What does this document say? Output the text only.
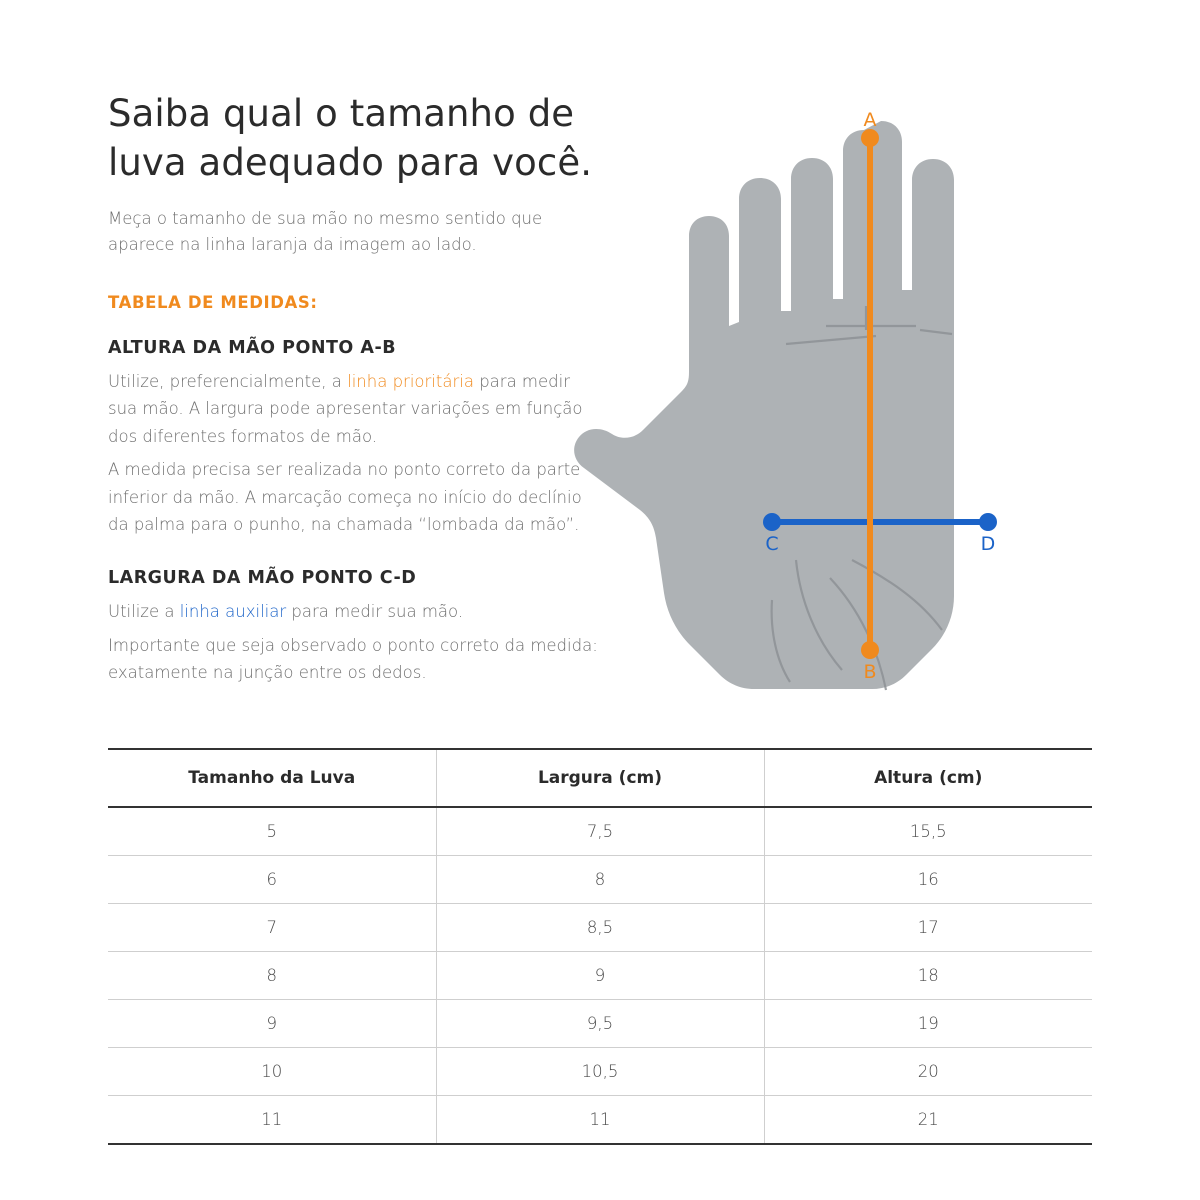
Saiba qual o tamanho de luva adequado para você.

Meça o tamanho de sua mão no mesmo sentido que aparece na linha laranja da imagem ao lado.

TABELA DE MEDIDAS:
ALTURA DA MÃO PONTO A-B

Utilize, preferencialmente, a linha prioritária para medir sua mão. A largura pode apresentar variações em função dos diferentes formatos de mão.

A medida precisa ser realizada no ponto correto da parte inferior da mão. A marcação começa no início do declínio da palma para o punho, na chamada “lombada da mão”.

LARGURA DA MÃO PONTO C-D

Utilize a linha auxiliar para medir sua mão.

Importante que seja observado o ponto correto da medida: exatamente na junção entre os dedos.

C	D
A
B
Tamanho da Luva	Largura (cm)	Altura (cm)
5	7,5	15,5
6	8	16
7	8,5	17
8	9	18
9	9,5	19
10	10,5	20
11	11	21
